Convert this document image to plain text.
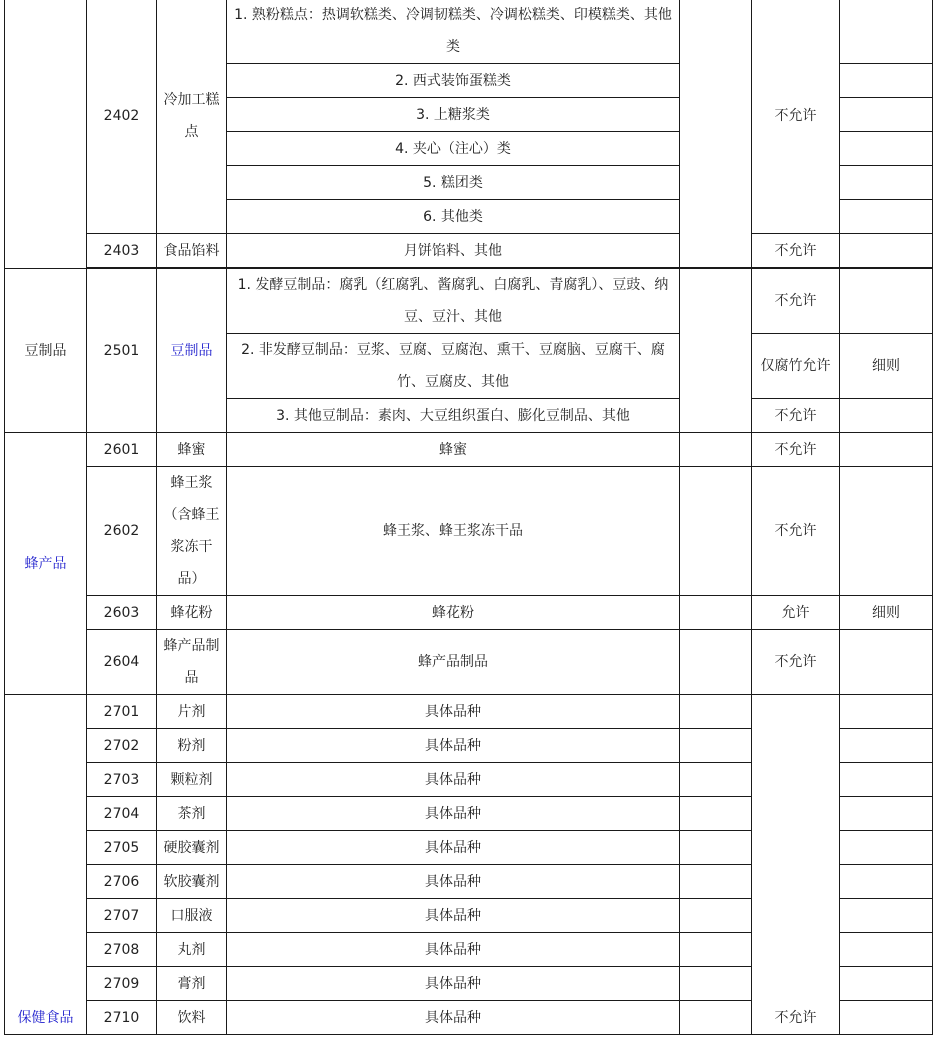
	2402	冷加工糕点	1. 熟粉糕点：热调软糕类、冷调韧糕类、冷调松糕类、印模糕类、其他类		不允许	
			2. 西式装饰蛋糕类			
			3. 上糖浆类			
			4. 夹心（注心）类			
			5. 糕团类			
			6. 其他类			
	2403	食品馅料	月饼馅料、其他		不允许	

豆制品	2501	豆制品	1. 发酵豆制品：腐乳（红腐乳、酱腐乳、白腐乳、青腐乳）、豆豉、纳豆、豆汁、其他		不允许	
			2. 非发酵豆制品：豆浆、豆腐、豆腐泡、熏干、豆腐脑、豆腐干、腐竹、豆腐皮、其他		仅腐竹允许	细则
			3. 其他豆制品：素肉、大豆组织蛋白、膨化豆制品、其他		不允许	
蜂产品	2601	蜂蜜	蜂蜜		不允许	
	2602	蜂王浆（含蜂王浆冻干品）	蜂王浆、蜂王浆冻干品		不允许	
	2603	蜂花粉	蜂花粉		允许	细则
	2604	蜂产品制品	蜂产品制品		不允许	
保健食品	2701	片剂	具体品种		不允许	
	2702	粉剂	具体品种			
	2703	颗粒剂	具体品种			
	2704	茶剂	具体品种			
	2705	硬胶囊剂	具体品种			
	2706	软胶囊剂	具体品种			
	2707	口服液	具体品种			
	2708	丸剂	具体品种			
	2709	膏剂	具体品种			
	2710	饮料	具体品种			
